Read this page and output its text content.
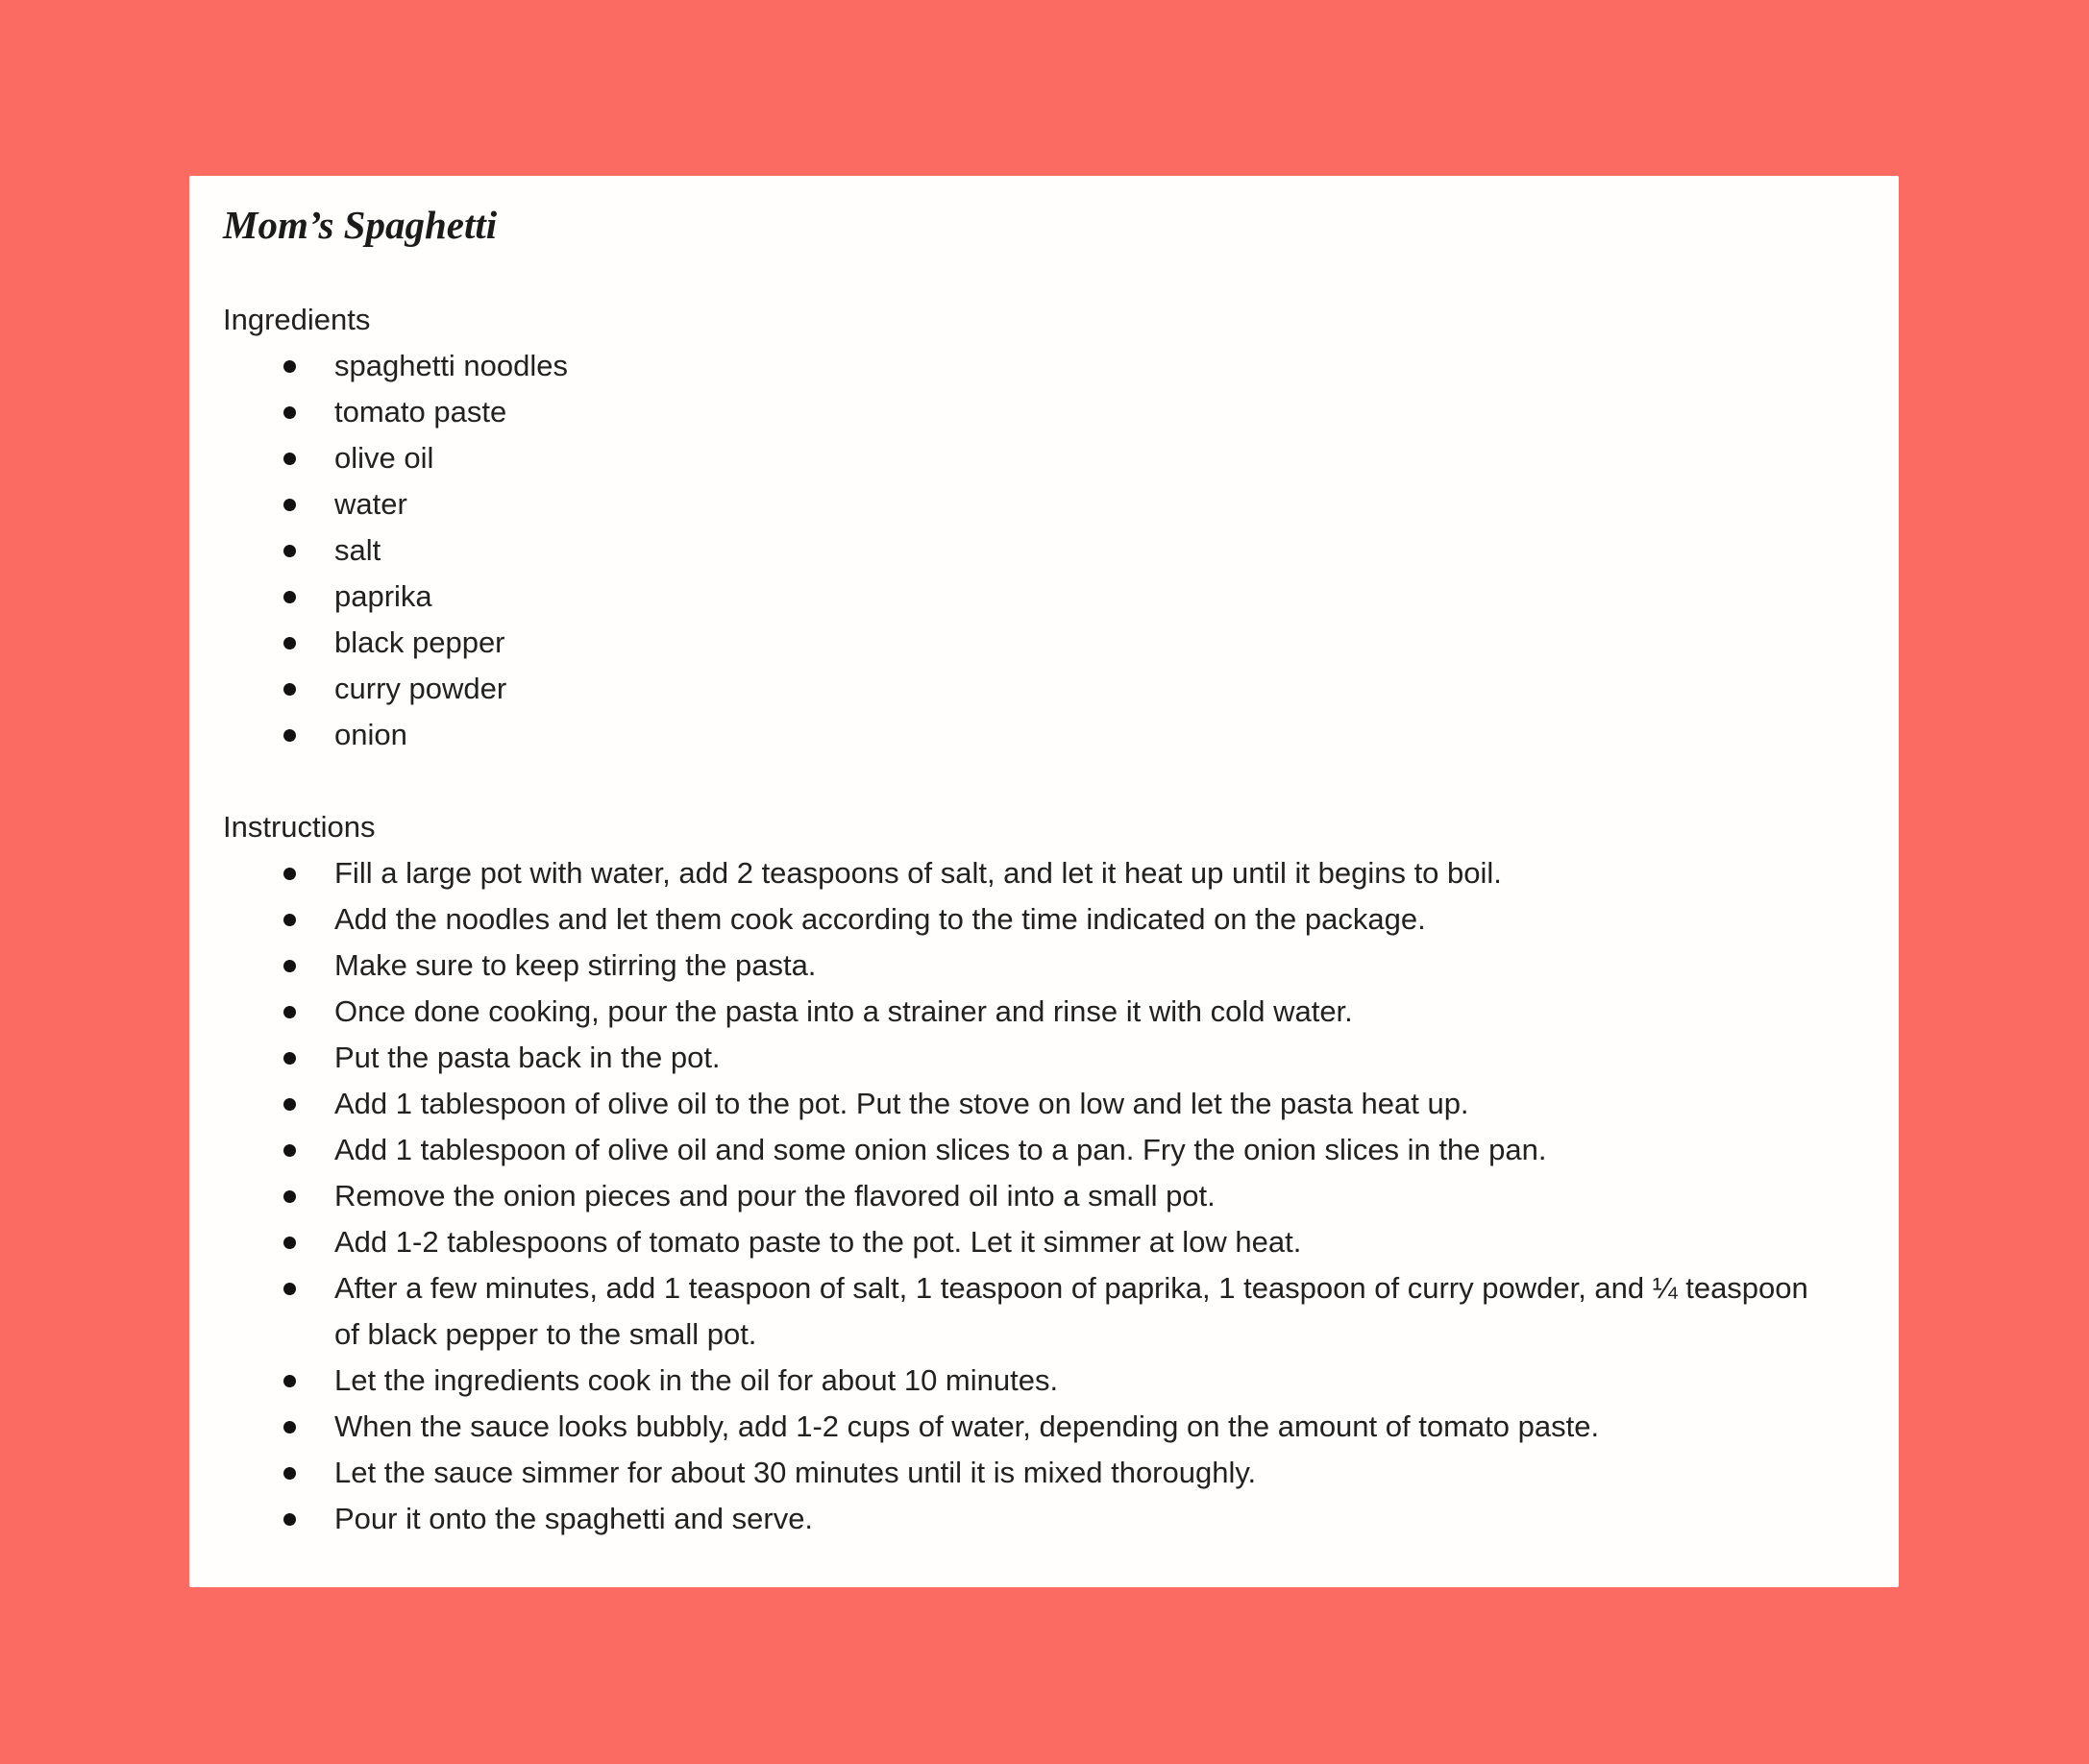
Mom’s Spaghetti
Ingredients
spaghetti noodles
tomato paste
olive oil
water
salt
paprika
black pepper
curry powder
onion
Instructions
Fill a large pot with water, add 2 teaspoons of salt, and let it heat up until it begins to boil.
Add the noodles and let them cook according to the time indicated on the package.
Make sure to keep stirring the pasta.
Once done cooking, pour the pasta into a strainer and rinse it with cold water.
Put the pasta back in the pot.
Add 1 tablespoon of olive oil to the pot. Put the stove on low and let the pasta heat up.
Add 1 tablespoon of olive oil and some onion slices to a pan. Fry the onion slices in the pan.
Remove the onion pieces and pour the flavored oil into a small pot.
Add 1-2 tablespoons of tomato paste to the pot. Let it simmer at low heat.
After a few minutes, add 1 teaspoon of salt, 1 teaspoon of paprika, 1 teaspoon of curry powder, and ¼ teaspoon of black pepper to the small pot.
Let the ingredients cook in the oil for about 10 minutes.
When the sauce looks bubbly, add 1-2 cups of water, depending on the amount of tomato paste.
Let the sauce simmer for about 30 minutes until it is mixed thoroughly.
Pour it onto the spaghetti and serve.
